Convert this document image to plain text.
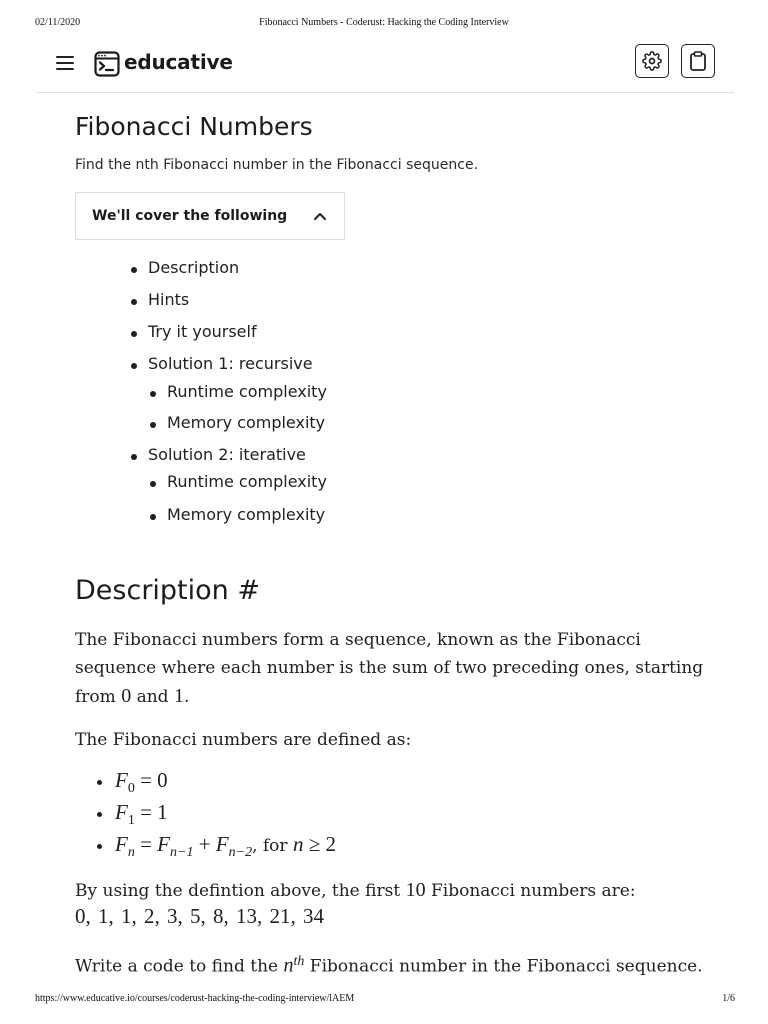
02/11/2020	Fibonacci Numbers - Coderust: Hacking the Coding Interview
educative
Fibonacci Numbers
Find the nth Fibonacci number in the Fibonacci sequence.
We'll cover the following
Description
Hints
Try it yourself
Solution 1: recursive
Runtime complexity
Memory complexity
Solution 2: iterative
Runtime complexity
Memory complexity
Description #

The Fibonacci numbers form a sequence, known as the Fibonacci
sequence where each number is the sum of two preceding ones, starting
from 0 and 1.

The Fibonacci numbers are defined as:

$F_0 = 0$
$F_1 = 1$
$F_n = F_{n-1} + F_{n-2}$, for n ≥ 2

By using the defintion above, the first 10 Fibonacci numbers are:

0, 1, 1, 2, 3, 5, 8, 13, 21, 34

Write a code to find the $n^{th}$ Fibonacci number in the Fibonacci sequence.

https://www.educative.io/courses/coderust-hacking-the-coding-interview/lAEM	1/6
